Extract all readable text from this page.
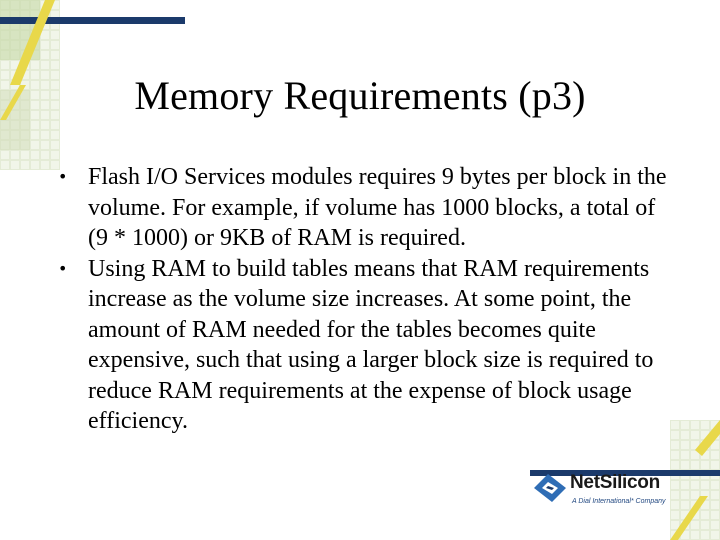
Memory Requirements (p3)
• Flash I/O Services modules requires 9 bytes per block in the volume. For example, if volume has 1000 blocks, a total of (9 * 1000) or 9KB of RAM is required.
• Using RAM to build tables means that RAM requirements increase as the volume size increases. At some point, the amount of RAM needed for the tables becomes quite expensive, such that using a larger block size is required to reduce RAM requirements at the expense of block usage efficiency.
NetSilicon
A Dial International* Company
